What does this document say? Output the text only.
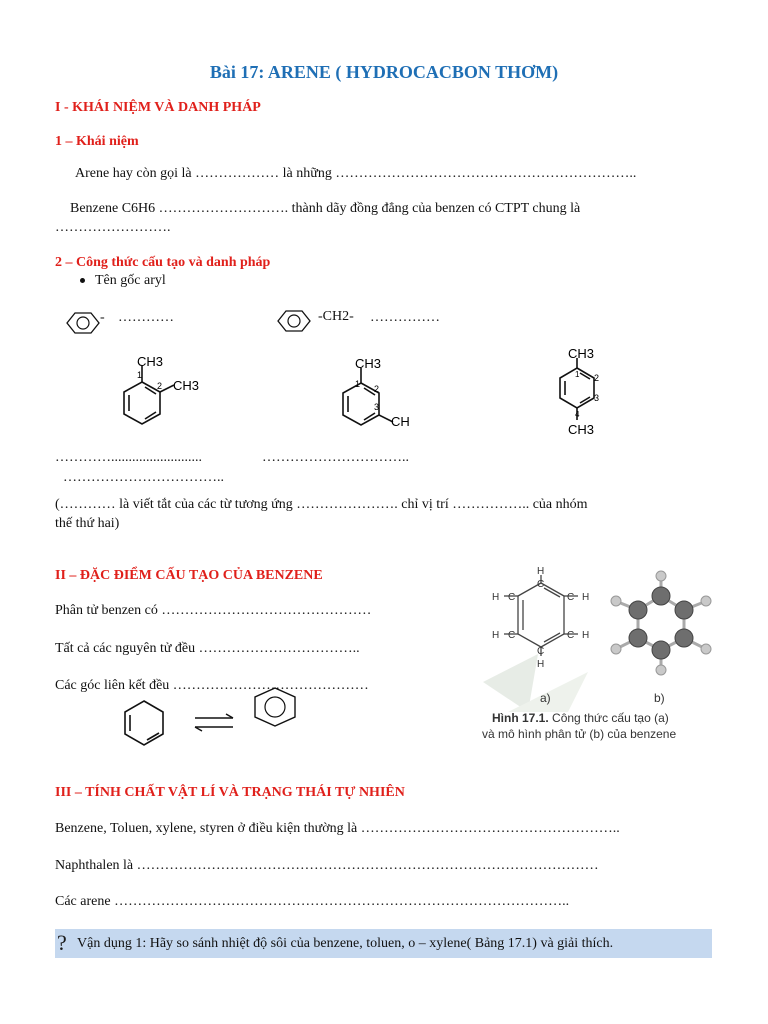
Bài 17: ARENE ( HYDROCACBON THƠM)
I - KHÁI NIỆM VÀ DANH PHÁP
1 – Khái niệm
Arene hay còn gọi là ……………… là những ………………………………………………………..
Benzene C6H6 ………………………. thành dãy đồng đẳng của benzen có CTPT chung là
…………………….
2 – Công thức cấu tạo và danh pháp
Tên gốc aryl
- …………	-CH2- ……………
1
2
CH3
CH3
CH3
1 2
3
CH
CH3
1 2
3
4
CH3
…………..........................	…………………………..
……………………………..
(………… là viết tắt của các từ tương ứng …………………. chỉ vị trí …………….. của nhóm
thế thứ hai)
II – ĐẶC ĐIỂM CẤU TẠO CỦA BENZENE
Phân tử benzen có ………………………………………
Tất cả các nguyên tử đều ……………………………..
Các góc liên kết đều ……………………………………
H
C
H C	C H
H C	C H
C
H
a)	b)
Hình 17.1. Công thức cấu tạo (a)
và mô hình phân tử (b) của benzene
III – TÍNH CHẤT VẬT LÍ VÀ TRẠNG THÁI TỰ NHIÊN
Benzene, Toluen, xylene, styren ở điều kiện thường là ………………………………………………..
Naphthalen là ………………………………………………………………………………………
Các arene ……………………………………………………………………………………..
? Vận dụng 1: Hãy so sánh nhiệt độ sôi của benzene, toluen, o – xylene( Bảng 17.1) và giải thích.
